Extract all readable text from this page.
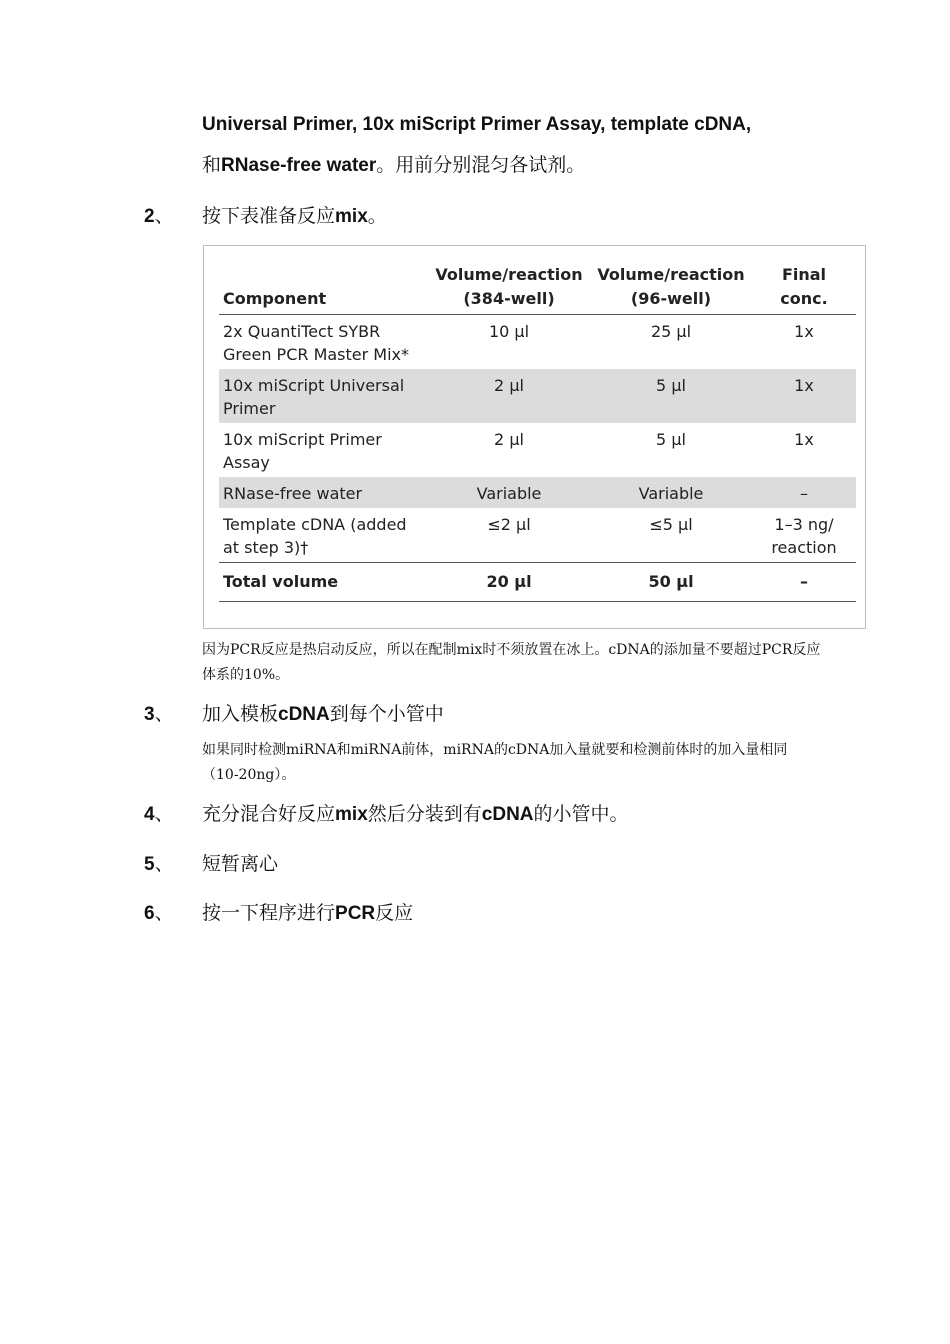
Universal Primer, 10x miScript Primer Assay, template cDNA,
和RNase-free water。用前分别混匀各试剂。
2、 按下表准备反应mix。
Component	Volume/reaction (384-well)	Volume/reaction (96-well)	Final conc.
2x QuantiTect SYBR Green PCR Master Mix*	10 μl	25 μl	1x
10x miScript Universal Primer	2 μl	5 μl	1x
10x miScript Primer Assay	2 μl	5 μl	1x
RNase-free water	Variable	Variable	–
Template cDNA (added at step 3)†	≤2 μl	≤5 μl	1–3 ng/ reaction
Total volume	20 μl	50 μl	–
因为PCR反应是热启动反应，所以在配制mix时不须放置在冰上。cDNA的添加量不要超过PCR反应体系的10%。
3、 加入模板cDNA到每个小管中
如果同时检测miRNA和miRNA前体，miRNA的cDNA加入量就要和检测前体时的加入量相同（10-20ng）。
4、 充分混合好反应mix然后分装到有cDNA的小管中。
5、 短暂离心
6、 按一下程序进行PCR反应
